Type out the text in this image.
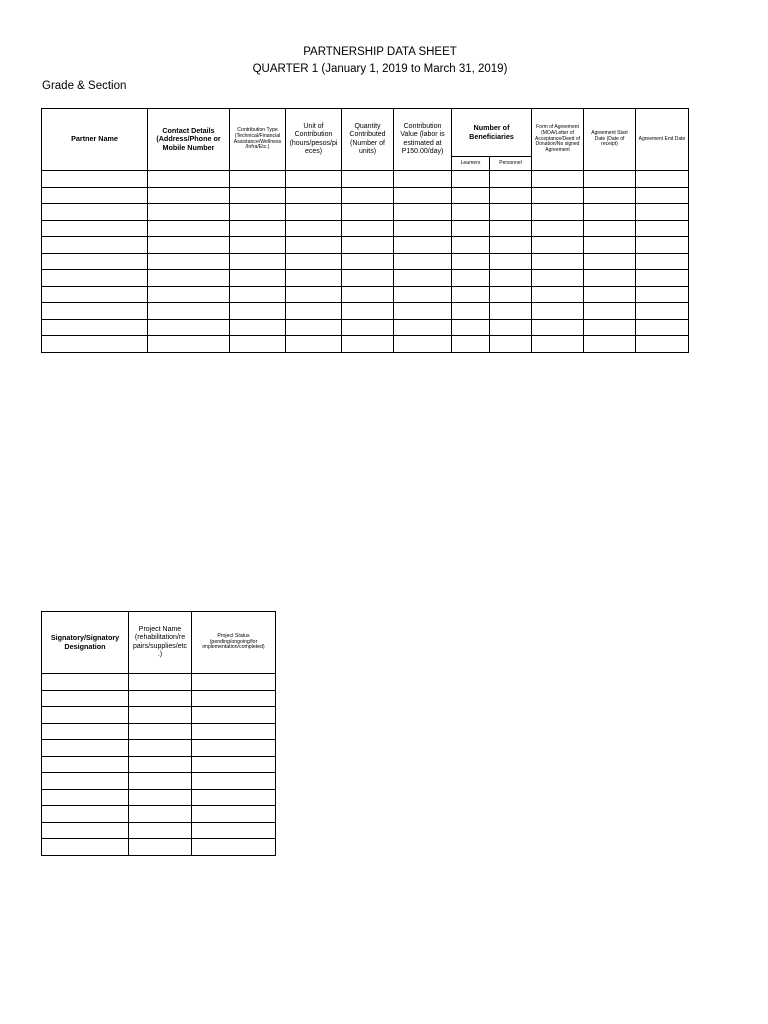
PARTNERSHIP DATA SHEET
QUARTER 1 (January 1, 2019 to March 31, 2019)
Grade & Section
Partner Name	Contact Details (Address/Phone or Mobile Number	Contribution Type (Technical/Financial Assistance/Wellness /Infra/Etc.)	Unit of Contribution (hours/pesos/pi eces)	Quantity Contributed (Number of units)	Contribution Value (labor is estimated at P150.00/day)	Number of Beneficiaries		Form of Agreement (MOA/Letter of Acceptance/Deed of Donation/No signed Agreement	Agreement Start Date (Date of receipt)	Agreement End Date
						Learners	Personnel			

Signatory/Signatory Designation	Project Name (rehabilitation/re pairs/supplies/etc .)	Project Status (pending/ongoing/for implementation/completed)
